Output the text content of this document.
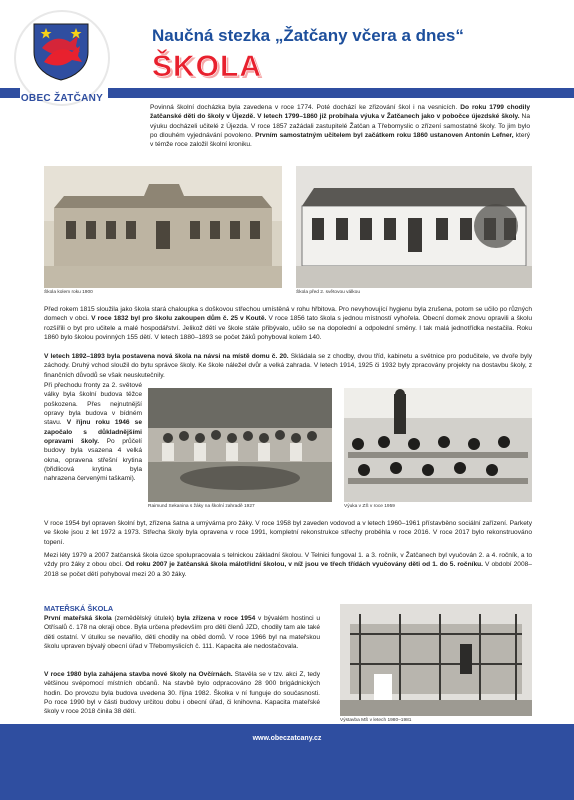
OBEC ŽATČANY
Naučná stezka „Žatčany včera a dnes“
ŠKOLA
Povinná školní docházka byla zavedena v roce 1774. Poté dochází ke zřizování škol i na vesnicích. Do roku 1799 chodily žatčanské děti do školy v Újezdě. V letech 1799–1860 již probíhala výuka v Žatčanech jako v pobočce újezdské školy. Na výuku docházeli učitelé z Újezda. V roce 1857 zažádali zastupitelé Žatčan a Třebomyslic o zřízení samostatné školy. To jim bylo po dlouhém vyjednávání povoleno. Prvním samostatným učitelem byl začátkem roku 1860 ustanoven Antonín Lefner, který v témže roce založil školní kroniku.
Škola kolem roku 1900	Škola před 2. světovou válkou
Před rokem 1815 sloužila jako škola stará chaloupka s doškovou střechou umístěná v rohu hřbitova. Pro nevyhovující hygienu byla zrušena, potom se učilo po různých domech v obci. V roce 1832 byl pro školu zakoupen dům č. 25 v Koutě. V roce 1856 tato škola s jednou místností vyhořela. Obecní domek znovu opravili a školu rozšířili o byt pro učitele a malé hospodářství. Jelikož dětí ve škole stále přibývalo, učilo se na dopolední a odpolední směny. I tak malá jednotřídka nestačila. Roku 1860 bylo školou povinných 155 dětí. V letech 1880–1893 se počet žáků pohyboval kolem 140.
V letech 1892–1893 byla postavena nová škola na návsi na místě domu č. 20. Skládala se z chodby, dvou tříd, kabinetu a světnice pro podučitele, ve dvoře byly záchody. Druhý vchod sloužil do bytu správce školy. Ke škole náležel dvůr a velká zahrada. V letech 1914, 1925 či 1932 byly zpracovány projekty na dostavbu školy, z finančních důvodů se však neuskutečnily.
Při přechodu fronty za 2. světové války byla školní budova těžce poškozena. Přes nejnutnější opravy byla budova v bídném stavu. V říjnu roku 1946 se započalo s důkladnějšími opravami školy. Po průčelí budovy byla vsazena 4 velká okna, opravena střešní krytina (břidlicová krytina byla nahrazena červenými taškami).
Raimund Sekanina s žáky na školní zahradě 1927	Výuka v ZŠ v roce 1959
V roce 1954 byl opraven školní byt, zřízena šatna a umývárna pro žáky. V roce 1958 byl zaveden vodovod a v letech 1960–1961 přístavběno sociální zařízení. Parkety ve škole jsou z let 1972 a 1973. Střecha školy byla opravena v roce 1991, kompletní rekonstrukce střechy proběhla v roce 2016. V roce 2017 bylo rekonstruováno topení.
Mezi léty 1979 a 2007 žatčanská škola úzce spolupracovala s telnickou základní školou. V Telnici fungoval 1. a 3. ročník, v Žatčanech byl vyučován 2. a 4. ročník, a to vždy pro žáky z obou obcí. Od roku 2007 je žatčanská škola málotřídní školou, v níž jsou ve třech třídách vyučovány děti od 1. do 5. ročníku. V období 2008–2018 se počet dětí pohyboval mezi 20 a 30 žáky.
MATEŘSKÁ ŠKOLA
První mateřská škola (zemědělský útulek) byla zřízena v roce 1954 v bývalém hostinci u Otřísalů č. 178 na okraji obce. Byla určena především pro děti členů JZD, chodily tam ale také děti ostatní. V útulku se nevařilo, děti chodily na oběd domů. V roce 1966 byl na mateřskou školu upraven bývalý obecní úřad v Třebomyslicích č. 111. Kapacita ale nedostačovala.
V roce 1980 byla zahájena stavba nové školy na Ovčírnách. Stavěla se v tzv. akci Z, tedy většinou svépomocí místních občanů. Na stavbě bylo odpracováno 28 900 brigádnických hodin. Do provozu byla budova uvedena 30. října 1982. Školka v ní funguje do současnosti. Po roce 1990 byl v části budovy určitou dobu i obecní úřad, či knihovna. Kapacita mateřské školy v roce 2018 činila 38 dětí.
Výstavba MŠ v letech 1980–1981
www.obeczatcany.cz
